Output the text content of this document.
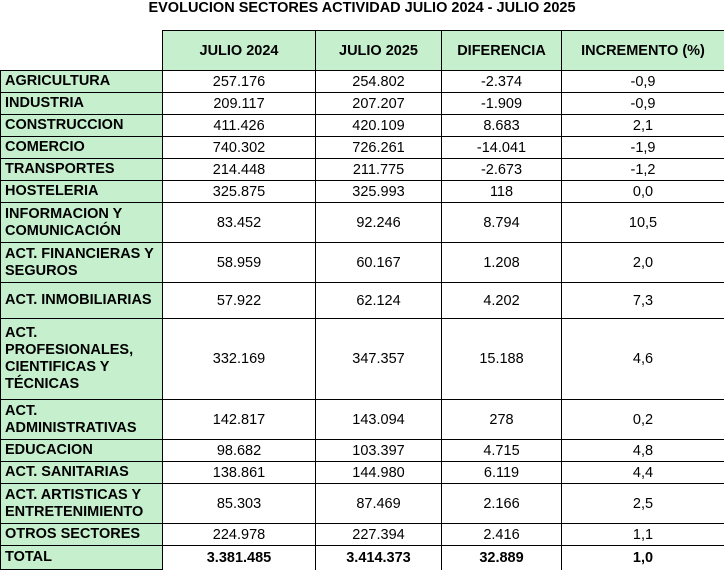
EVOLUCION SECTORES ACTIVIDAD JULIO 2024 - JULIO 2025
	JULIO 2024	JULIO 2025	DIFERENCIA	INCREMENTO (%)
AGRICULTURA	257.176	254.802	-2.374	-0,9
INDUSTRIA	209.117	207.207	-1.909	-0,9
CONSTRUCCION	411.426	420.109	8.683	2,1
COMERCIO	740.302	726.261	-14.041	-1,9
TRANSPORTES	214.448	211.775	-2.673	-1,2
HOSTELERIA	325.875	325.993	118	0,0
INFORMACION Y COMUNICACIÓN	83.452	92.246	8.794	10,5
ACT. FINANCIERAS Y SEGUROS	58.959	60.167	1.208	2,0
ACT. INMOBILIARIAS	57.922	62.124	4.202	7,3
ACT. PROFESIONALES, CIENTIFICAS Y TÉCNICAS	332.169	347.357	15.188	4,6
ACT. ADMINISTRATIVAS	142.817	143.094	278	0,2
EDUCACION	98.682	103.397	4.715	4,8
ACT. SANITARIAS	138.861	144.980	6.119	4,4
ACT. ARTISTICAS Y ENTRETENIMIENTO	85.303	87.469	2.166	2,5
OTROS SECTORES	224.978	227.394	2.416	1,1
TOTAL	3.381.485	3.414.373	32.889	1,0
